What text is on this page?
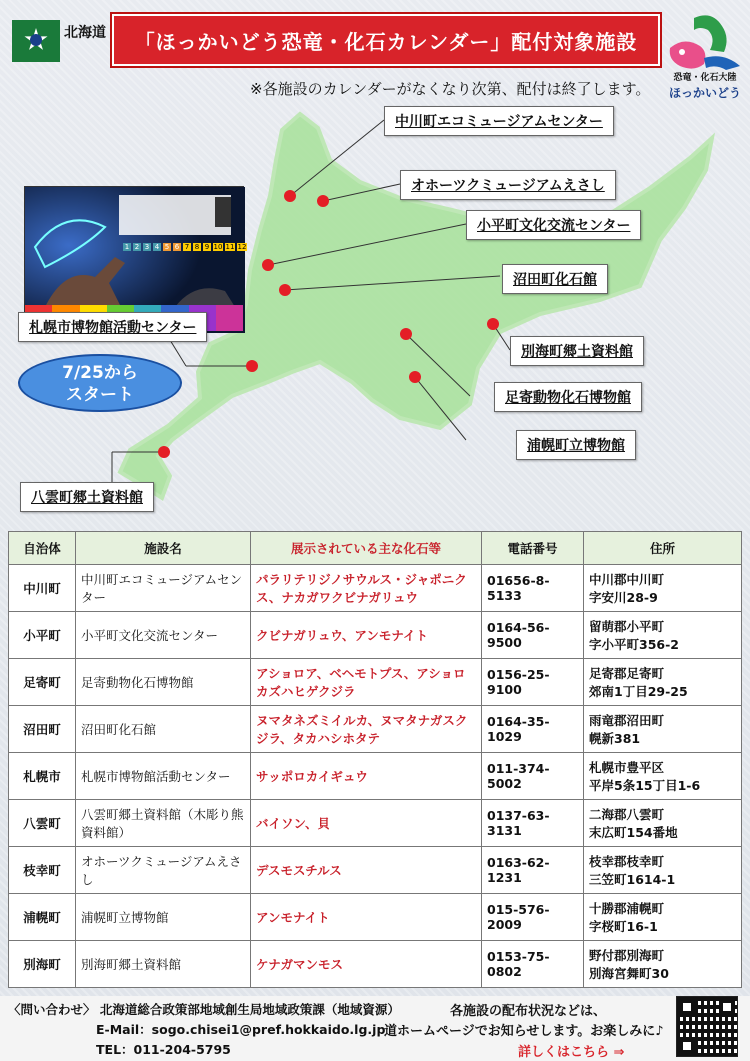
北海道 「ほっかいどう恐竜・化石カレンダー」配付対象施設
恐竜・化石大陸
ほっかいどう
※各施設のカレンダーがなくなり次第、配付は終了します。
1 2 3 4 5 6 7 8 9 10 11 12
7/25から
スタート
中川町エコミュージアムセンター
オホーツクミュージアムえさし
小平町文化交流センター
沼田町化石館
札幌市博物館活動センター
別海町郷土資料館
足寄動物化石博物館
浦幌町立博物館
八雲町郷土資料館
自治体	施設名	展示されている主な化石等	電話番号	住所
中川町	中川町エコミュージアムセンター	パラリテリジノサウルス・ジャポニクス、ナカガワクビナガリュウ	01656-8-5133	中川郡中川町
字安川28-9

小平町	小平町文化交流センター	クビナガリュウ、アンモナイト	0164-56-9500	留萌郡小平町
字小平町356-2

足寄町	足寄動物化石博物館	アショロア、ベヘモトプス、アショロカズハヒゲクジラ	0156-25-9100	足寄郡足寄町
郊南1丁目29-25

沼田町	沼田町化石館	ヌマタネズミイルカ、ヌマタナガスクジラ、タカハシホタテ	0164-35-1029	雨竜郡沼田町
幌新381

札幌市	札幌市博物館活動センター	サッポロカイギュウ	011-374-5002	札幌市豊平区
平岸5条15丁目1-6

八雲町	八雲町郷土資料館（木彫り熊資料館）	バイソン、貝	0137-63-3131	二海郡八雲町
末広町154番地

枝幸町	オホーツクミュージアムえさし	デスモスチルス	0163-62-1231	枝幸郡枝幸町
三笠町1614-1

浦幌町	浦幌町立博物館	アンモナイト	015-576-2009	十勝郡浦幌町
字桜町16-1

別海町	別海町郷土資料館	ケナガマンモス	0153-75-0802	野付郡別海町
別海宮舞町30
〈問い合わせ〉 北海道総合政策部地域創生局地域政策課（地域資源）
E-Mail：sogo.chisei1@pref.hokkaido.lg.jp
TEL：011-204-5795
各施設の配布状況などは、
道ホームページでお知らせします。お楽しみに♪
詳しくはこちら ⇒
